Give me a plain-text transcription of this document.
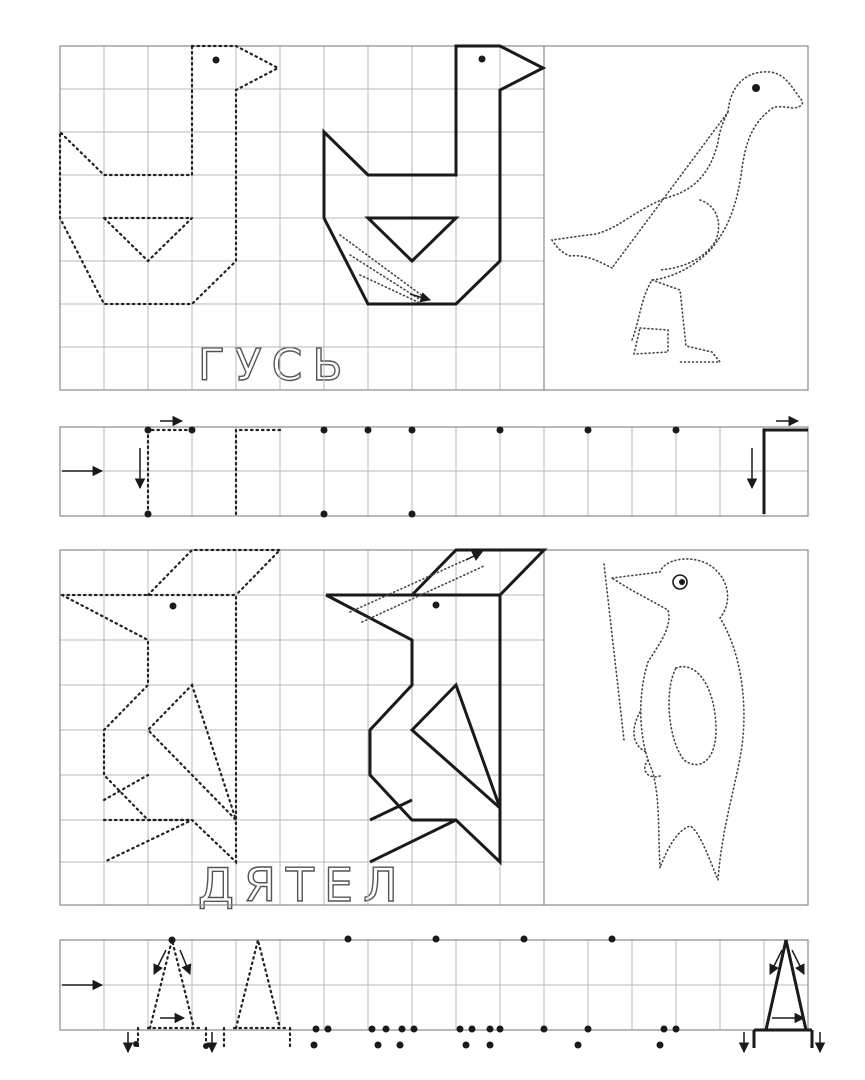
ГУСЬ
ДЯТЕЛ
